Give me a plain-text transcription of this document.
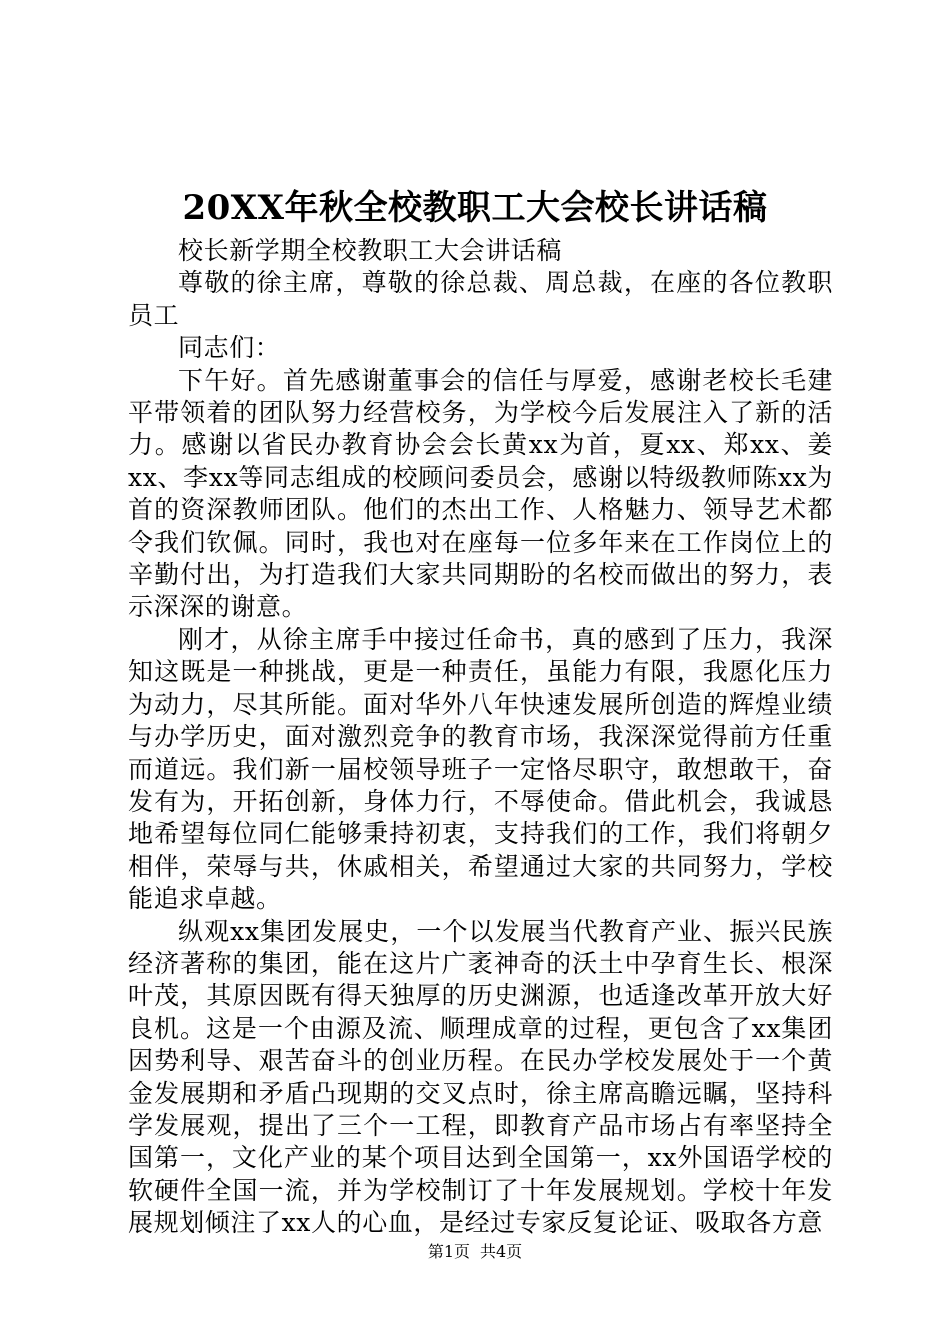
20XX年秋全校教职工大会校长讲话稿

校长新学期全校教职工大会讲话稿

尊敬的徐主席，尊敬的徐总裁、周总裁，在座的各位教职员工

同志们：

下午好。首先感谢董事会的信任与厚爱，感谢老校长毛建平带领着的团队努力经营校务，为学校今后发展注入了新的活力。感谢以省民办教育协会会长黄xx为首，夏xx、郑xx、姜xx、李xx等同志组成的校顾问委员会，感谢以特级教师陈xx为首的资深教师团队。他们的杰出工作、人格魅力、领导艺术都令我们钦佩。同时，我也对在座每一位多年来在工作岗位上的辛勤付出，为打造我们大家共同期盼的名校而做出的努力，表示深深的谢意。

刚才，从徐主席手中接过任命书，真的感到了压力，我深知这既是一种挑战，更是一种责任，虽能力有限，我愿化压力为动力，尽其所能。面对华外八年快速发展所创造的辉煌业绩与办学历史，面对激烈竞争的教育市场，我深深觉得前方任重而道远。我们新一届校领导班子一定恪尽职守，敢想敢干，奋发有为，开拓创新，身体力行，不辱使命。借此机会，我诚恳地希望每位同仁能够秉持初衷，支持我们的工作，我们将朝夕相伴，荣辱与共，休戚相关，希望通过大家的共同努力，学校能追求卓越。

纵观xx集团发展史，一个以发展当代教育产业、振兴民族经济著称的集团，能在这片广袤神奇的沃土中孕育生长、根深叶茂，其原因既有得天独厚的历史渊源，也适逢改革开放大好良机。这是一个由源及流、顺理成章的过程，更包含了xx集团因势利导、艰苦奋斗的创业历程。在民办学校发展处于一个黄金发展期和矛盾凸现期的交叉点时，徐主席高瞻远瞩，坚持科学发展观，提出了三个一工程，即教育产品市场占有率坚持全国第一，文化产业的某个项目达到全国第一，xx外国语学校的软硬件全国一流，并为学校制订了十年发展规划。学校十年发展规划倾注了xx人的心血，是经过专家反复论证、吸取各方意

第1页 共4页
